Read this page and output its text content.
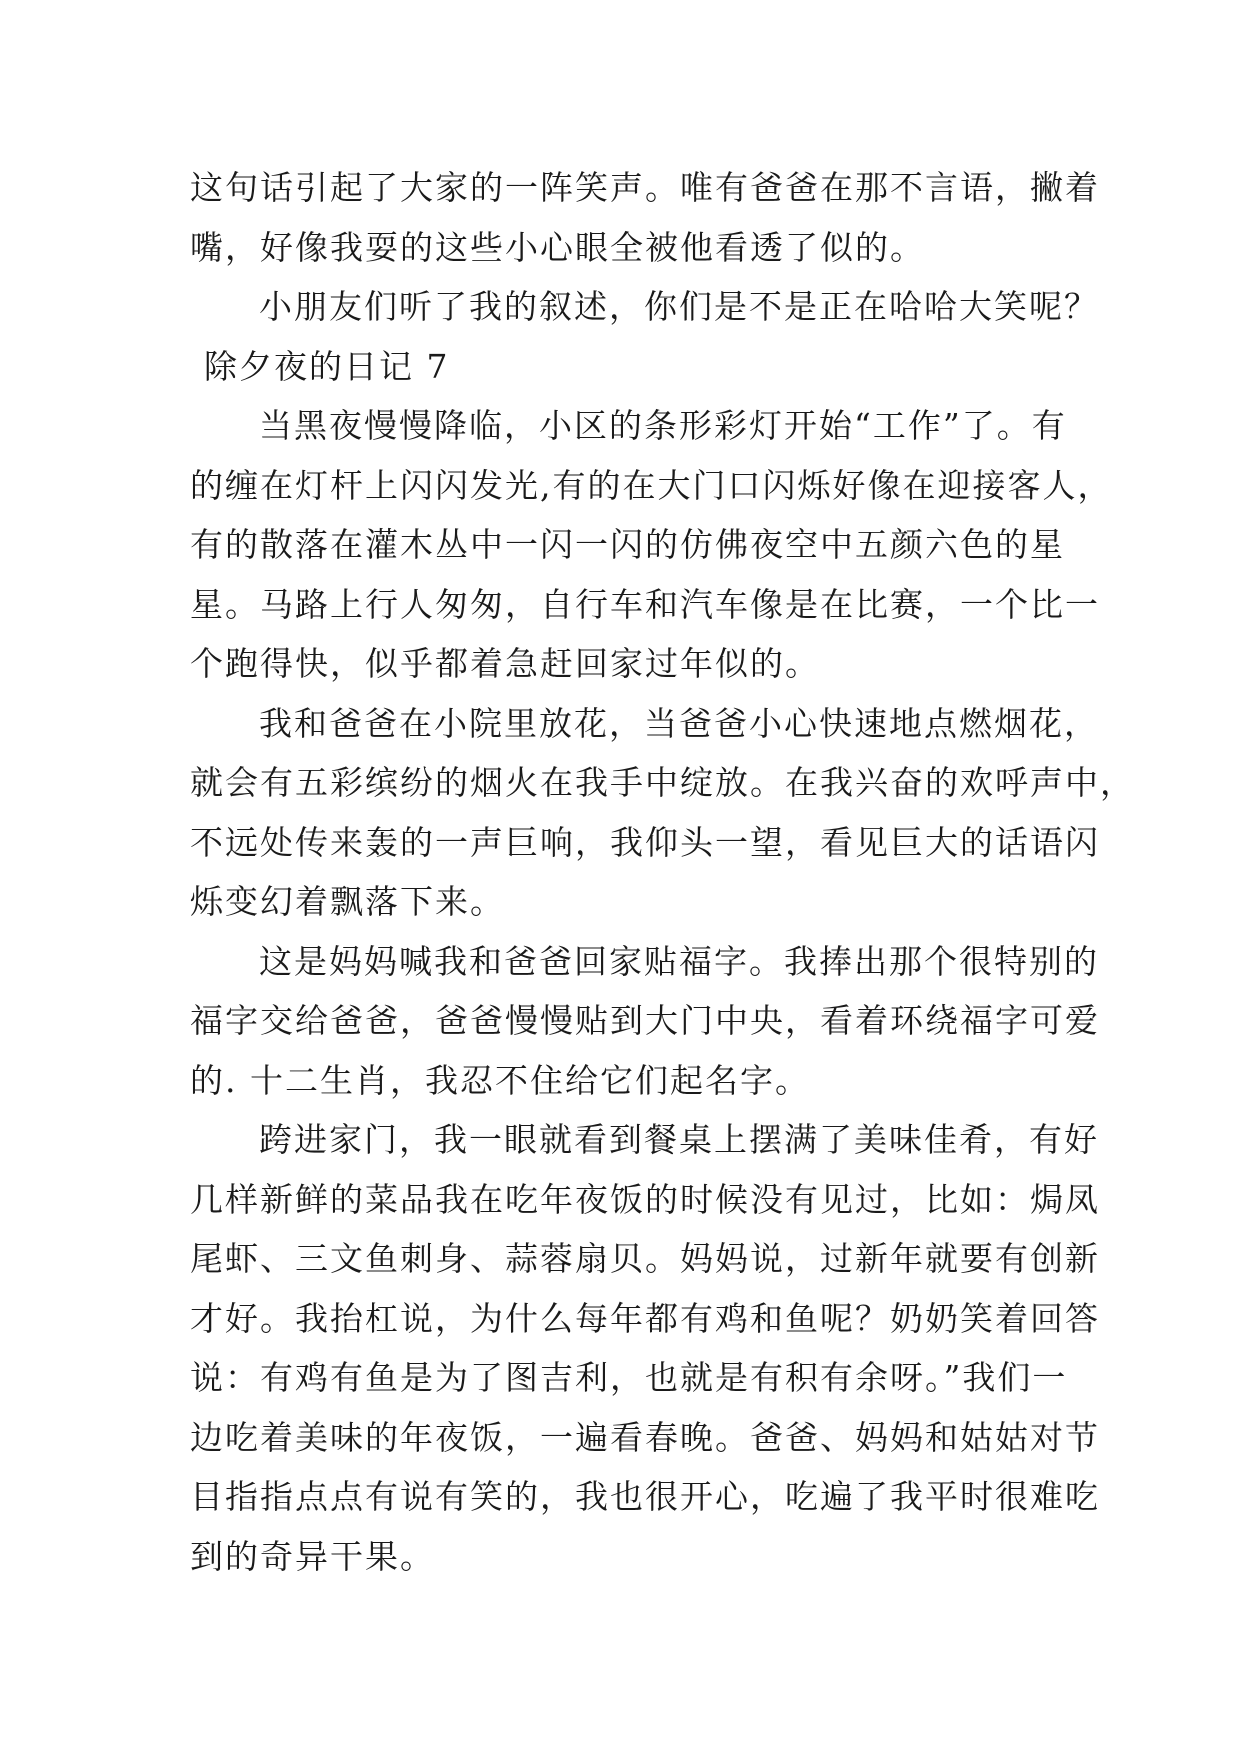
这句话引起了大家的一阵笑声。唯有爸爸在那不言语，撇着
嘴，好像我耍的这些小心眼全被他看透了似的。
小朋友们听了我的叙述，你们是不是正在哈哈大笑呢？
除夕夜的日记 7
当黑夜慢慢降临，小区的条形彩灯开始“工作”了。有
的缠在灯杆上闪闪发光,有的在大门口闪烁好像在迎接客人，
有的散落在灌木丛中一闪一闪的仿佛夜空中五颜六色的星
星。马路上行人匆匆，自行车和汽车像是在比赛，一个比一
个跑得快，似乎都着急赶回家过年似的。
我和爸爸在小院里放花，当爸爸小心快速地点燃烟花，
就会有五彩缤纷的烟火在我手中绽放。在我兴奋的欢呼声中，
不远处传来轰的一声巨响，我仰头一望，看见巨大的话语闪
烁变幻着飘落下来。
这是妈妈喊我和爸爸回家贴福字。我捧出那个很特别的
福字交给爸爸，爸爸慢慢贴到大门中央，看着环绕福字可爱
的. 十二生肖，我忍不住给它们起名字。
跨进家门，我一眼就看到餐桌上摆满了美味佳肴，有好
几样新鲜的菜品我在吃年夜饭的时候没有见过，比如：焗凤
尾虾、三文鱼刺身、蒜蓉扇贝。妈妈说，过新年就要有创新
才好。我抬杠说，为什么每年都有鸡和鱼呢？奶奶笑着回答
说：有鸡有鱼是为了图吉利，也就是有积有余呀。”我们一
边吃着美味的年夜饭，一遍看春晚。爸爸、妈妈和姑姑对节
目指指点点有说有笑的，我也很开心，吃遍了我平时很难吃
到的奇异干果。
